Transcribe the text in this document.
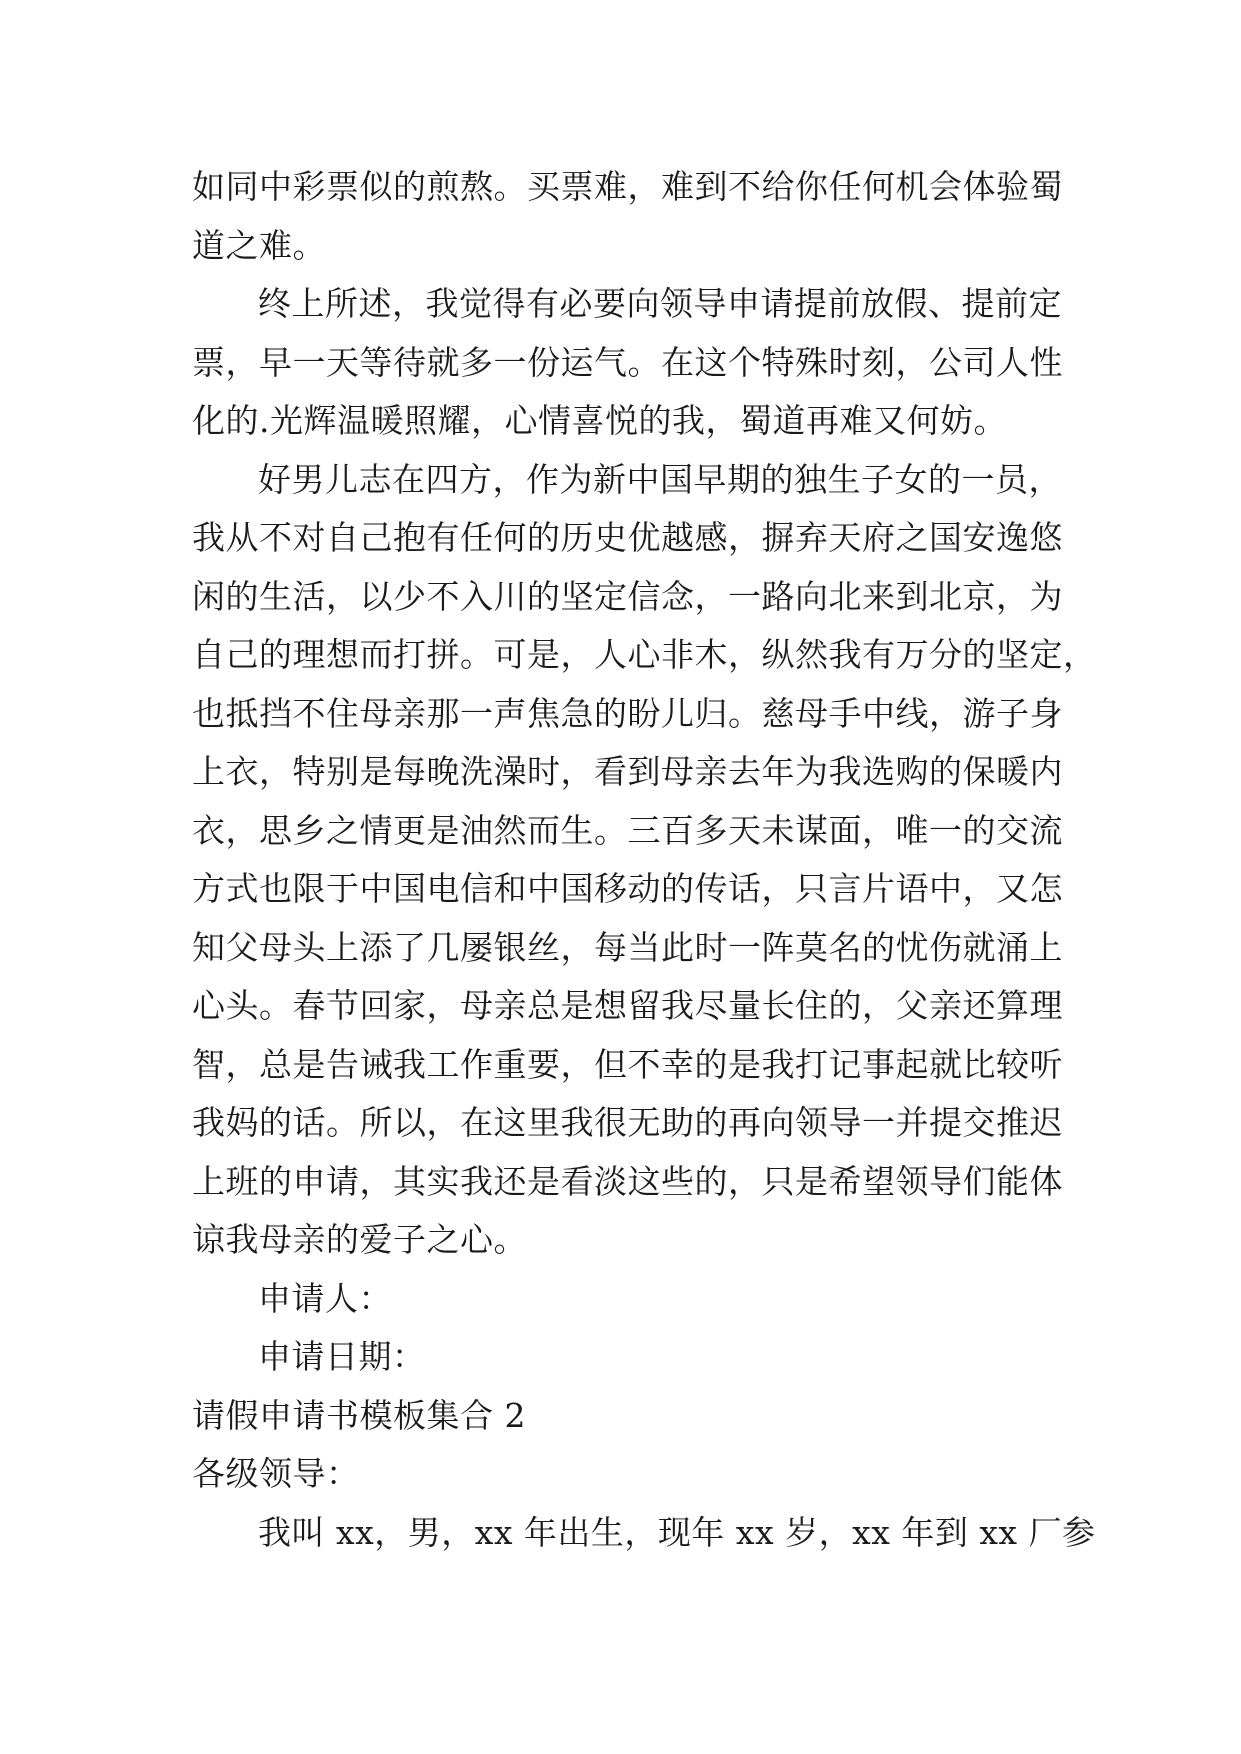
如同中彩票似的煎熬。买票难，难到不给你任何机会体验蜀
道之难。
终上所述，我觉得有必要向领导申请提前放假、提前定
票，早一天等待就多一份运气。在这个特殊时刻，公司人性
化的.光辉温暖照耀，心情喜悦的我，蜀道再难又何妨。
好男儿志在四方，作为新中国早期的独生子女的一员，
我从不对自己抱有任何的历史优越感，摒弃天府之国安逸悠
闲的生活，以少不入川的坚定信念，一路向北来到北京，为
自己的理想而打拼。可是，人心非木，纵然我有万分的坚定，
也抵挡不住母亲那一声焦急的盼儿归。慈母手中线，游子身
上衣，特别是每晚洗澡时，看到母亲去年为我选购的保暖内
衣，思乡之情更是油然而生。三百多天未谋面，唯一的交流
方式也限于中国电信和中国移动的传话，只言片语中，又怎
知父母头上添了几屡银丝，每当此时一阵莫名的忧伤就涌上
心头。春节回家，母亲总是想留我尽量长住的，父亲还算理
智，总是告诫我工作重要，但不幸的是我打记事起就比较听
我妈的话。所以，在这里我很无助的再向领导一并提交推迟
上班的申请，其实我还是看淡这些的，只是希望领导们能体
谅我母亲的爱子之心。
申请人：
申请日期：
请假申请书模板集合 2
各级领导：
我叫 xx，男，xx 年出生，现年 xx 岁，xx 年到 xx 厂参
